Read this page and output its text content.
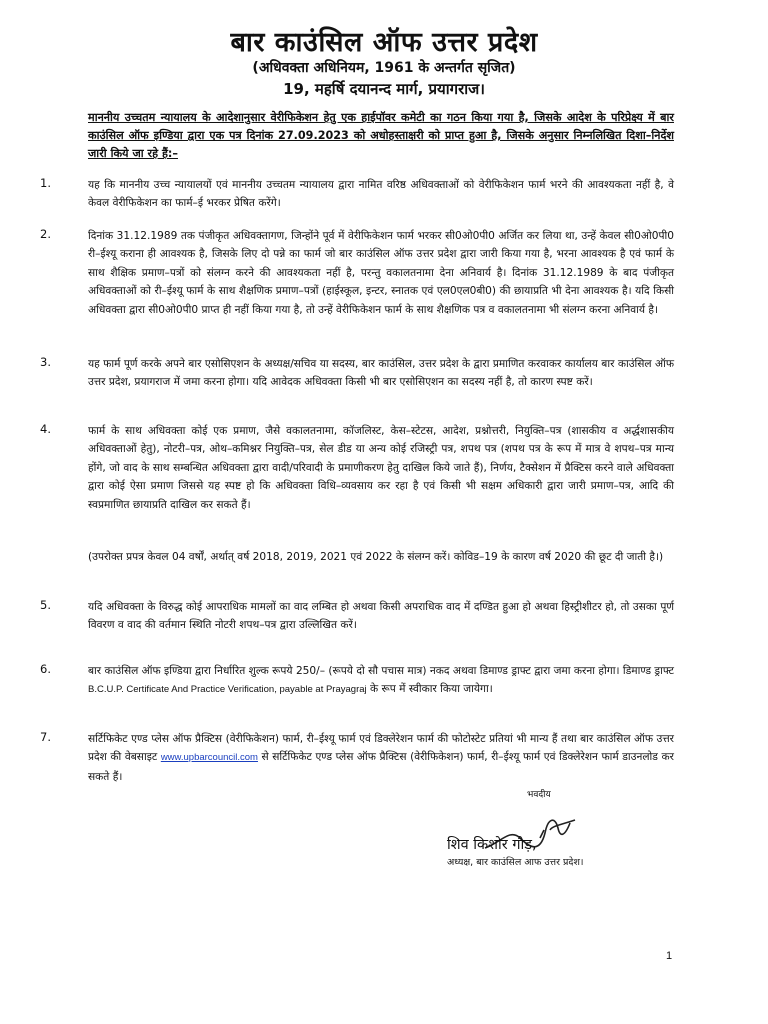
बार काउंसिल ऑफ उत्तर प्रदेश
(अधिवक्ता अधिनियम, 1961 के अन्तर्गत सृजित)
19, महर्षि दयानन्द मार्ग, प्रयागराज।
माननीय उच्चतम न्यायालय के आदेशानुसार वेरीफिकेशन हेतु एक हाईपॉवर कमेटी का गठन किया गया है, जिसके आदेश के परिप्रेक्ष्य में बार काउंसिल ऑफ इण्डिया द्वारा एक पत्र दिनांक 27.09.2023 को अधोहस्ताक्षरी को प्राप्त हुआ है, जिसके अनुसार निम्नलिखित दिशा–निर्देश जारी किये जा रहे हैं:–
1.	यह कि माननीय उच्च न्यायालयों एवं माननीय उच्चतम न्यायालय द्वारा नामित वरिष्ठ अधिवक्ताओं को वेरीफिकेशन फार्म भरने की आवश्यकता नहीं है, वे केवल वेरीफिकेशन का फार्म–ई भरकर प्रेषित करेंगे।
2.	दिनांक 31.12.1989 तक पंजीकृत अधिवक्तागण, जिन्होंने पूर्व में वेरीफिकेशन फार्म भरकर सी0ओ0पी0 अर्जित कर लिया था, उन्हें केवल सी0ओ0पी0 री–ईश्यू कराना ही आवश्यक है, जिसके लिए दो पन्ने का फार्म जो बार काउंसिल ऑफ उत्तर प्रदेश द्वारा जारी किया गया है, भरना आवश्यक है एवं फार्म के साथ शैक्षिक प्रमाण–पत्रों को संलग्न करने की आवश्यकता नहीं है, परन्तु वकालतनामा देना अनिवार्य है। दिनांक 31.12.1989 के बाद पंजीकृत अधिवक्ताओं को री–ईश्यू फार्म के साथ शैक्षणिक प्रमाण–पत्रों (हाईस्कूल, इन्टर, स्नातक एवं एल0एल0बी0) की छायाप्रति भी देना आवश्यक है। यदि किसी अधिवक्ता द्वारा सी0ओ0पी0 प्राप्त ही नहीं किया गया है, तो उन्हें वेरीफिकेशन फार्म के साथ शैक्षणिक पत्र व वकालतनामा भी संलग्न करना अनिवार्य है।
3.	यह फार्म पूर्ण करके अपने बार एसोसिएशन के अध्यक्ष/सचिव या सदस्य, बार काउंसिल, उत्तर प्रदेश के द्वारा प्रमाणित करवाकर कार्यालय बार काउंसिल ऑफ उत्तर प्रदेश, प्रयागराज में जमा करना होगा। यदि आवेदक अधिवक्ता किसी भी बार एसोसिएशन का सदस्य नहीं है, तो कारण स्पष्ट करें।
4.	फार्म के साथ अधिवक्ता कोई एक प्रमाण, जैसे वकालतनामा, कॉजलिस्ट, केस–स्टेटस, आदेश, प्रश्नोत्तरी, नियुक्ति–पत्र (शासकीय व अर्द्धशासकीय अधिवक्ताओं हेतु), नोटरी–पत्र, ओथ–कमिश्नर नियुक्ति–पत्र, सेल डीड या अन्य कोई रजिस्ट्री पत्र, शपथ पत्र (शपथ पत्र के रूप में मात्र वे शपथ–पत्र मान्य होंगे, जो वाद के साथ सम्बन्धित अधिवक्ता द्वारा वादी/परिवादी के प्रमाणीकरण हेतु दाखिल किये जाते हैं), निर्णय, टैक्सेशन में प्रैक्टिस करने वाले अधिवक्ता द्वारा कोई ऐसा प्रमाण जिससे यह स्पष्ट हो कि अधिवक्ता विधि–व्यवसाय कर रहा है एवं किसी भी सक्षम अधिकारी द्वारा जारी प्रमाण–पत्र, आदि की स्वप्रमाणित छायाप्रति दाखिल कर सकते हैं।
(उपरोक्त प्रपत्र केवल 04 वर्षों, अर्थात् वर्ष 2018, 2019, 2021 एवं 2022 के संलग्न करें। कोविड–19 के कारण वर्ष 2020 की छूट दी जाती है।)
5.	यदि अधिवक्ता के विरुद्ध कोई आपराधिक मामलों का वाद लम्बित हो अथवा किसी अपराधिक वाद में दण्डित हुआ हो अथवा हिस्ट्रीशीटर हो, तो उसका पूर्ण विवरण व वाद की वर्तमान स्थिति नोटरी शपथ–पत्र द्वारा उल्लिखित करें।
6.	बार काउंसिल ऑफ इण्डिया द्वारा निर्धारित शुल्क रूपये 250/– (रूपये दो सौ पचास मात्र) नकद अथवा डिमाण्ड ड्राफ्ट द्वारा जमा करना होगा। डिमाण्ड ड्राफ्ट B.C.U.P. Certificate And Practice Verification, payable at Prayagraj के रूप में स्वीकार किया जायेगा।
7.	सर्टिफिकेट एण्ड प्लेस ऑफ प्रैक्टिस (वेरीफिकेशन) फार्म, री–ईश्यू फार्म एवं डिक्लेरेशन फार्म की फोटोस्टेट प्रतियां भी मान्य हैं तथा बार काउंसिल ऑफ उत्तर प्रदेश की वेबसाइट www.upbarcouncil.com से सर्टिफिकेट एण्ड प्लेस ऑफ प्रैक्टिस (वेरीफिकेशन) फार्म, री–ईश्यू फार्म एवं डिक्लेरेशन फार्म डाउनलोड कर सकते हैं।
भवदीय
शिव किशोर गौड़,
अध्यक्ष, बार काउंसिल आफ उत्तर प्रदेश।
1
